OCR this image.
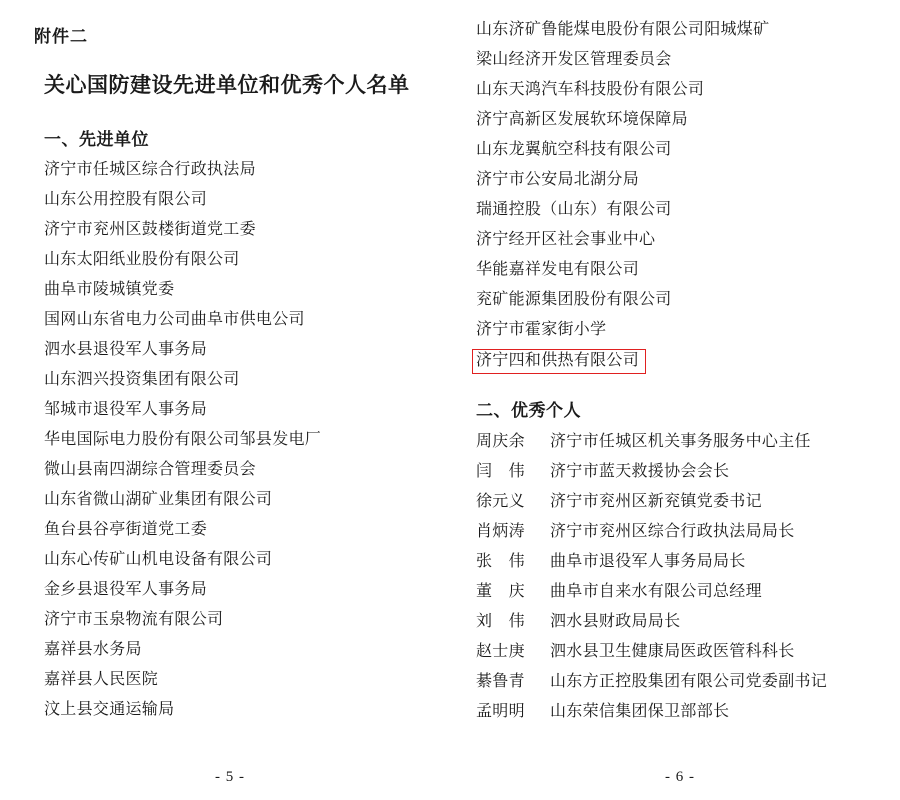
附件二
关心国防建设先进单位和优秀个人名单
一、先进单位
济宁市任城区综合行政执法局
山东公用控股有限公司
济宁市兖州区鼓楼街道党工委
山东太阳纸业股份有限公司
曲阜市陵城镇党委
国网山东省电力公司曲阜市供电公司
泗水县退役军人事务局
山东泗兴投资集团有限公司
邹城市退役军人事务局
华电国际电力股份有限公司邹县发电厂
微山县南四湖综合管理委员会
山东省微山湖矿业集团有限公司
鱼台县谷亭街道党工委
山东心传矿山机电设备有限公司
金乡县退役军人事务局
济宁市玉泉物流有限公司
嘉祥县水务局
嘉祥县人民医院
汶上县交通运输局
- 5 -
山东济矿鲁能煤电股份有限公司阳城煤矿
梁山经济开发区管理委员会
山东天鸿汽车科技股份有限公司
济宁高新区发展软环境保障局
山东龙翼航空科技有限公司
济宁市公安局北湖分局
瑞通控股（山东）有限公司
济宁经开区社会事业中心
华能嘉祥发电有限公司
兖矿能源集团股份有限公司
济宁市霍家街小学
济宁四和供热有限公司
二、优秀个人
周庆余 济宁市任城区机关事务服务中心主任
闫　伟 济宁市蓝天救援协会会长
徐元义 济宁市兖州区新兖镇党委书记
肖炳涛 济宁市兖州区综合行政执法局局长
张　伟 曲阜市退役军人事务局局长
董　庆 曲阜市自来水有限公司总经理
刘　伟 泗水县财政局局长
赵士庚 泗水县卫生健康局医政医管科科长
綦鲁青 山东方正控股集团有限公司党委副书记
孟明明 山东荣信集团保卫部部长
- 6 -
